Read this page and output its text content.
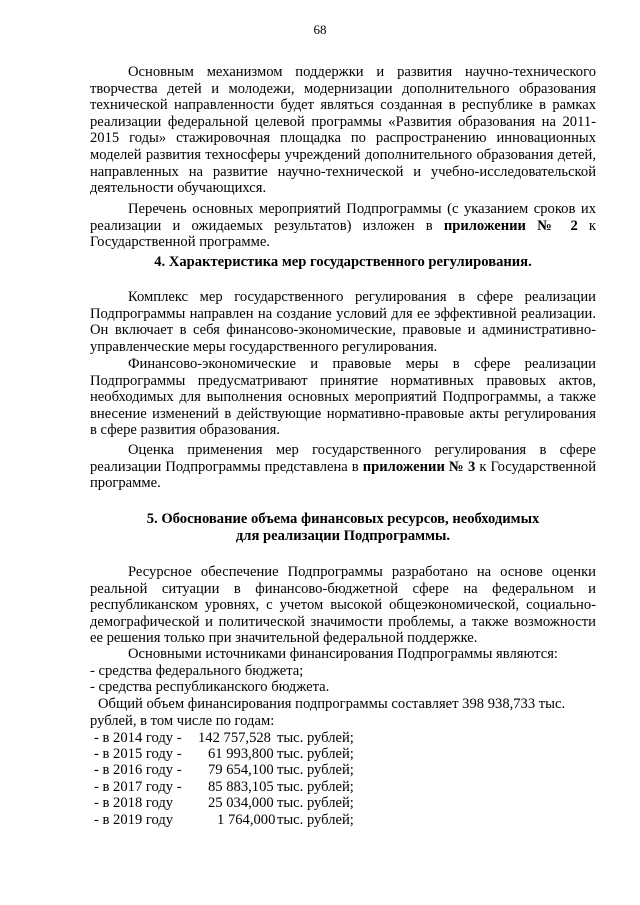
68

Основным механизмом поддержки и развития научно-технического творчества детей и молодежи, модернизации дополнительного образования технической направленности будет являться созданная в республике в рамках реализации федеральной целевой программы «Развития образования на 2011-2015 годы» стажировочная площадка по распространению инновационных моделей развития техносферы учреждений дополнительного образования детей, направленных на развитие научно-технической и учебно-исследовательской деятельности обучающихся.

Перечень основных мероприятий Подпрограммы (с указанием сроков их реализации и ожидаемых результатов) изложен в приложении № 2 к Государственной программе.

4. Характеристика мер государственного регулирования.

Комплекс мер государственного регулирования в сфере реализации Подпрограммы направлен на создание условий для ее эффективной реализации. Он включает в себя финансово-экономические, правовые и административно-управленческие меры государственного регулирования.

Финансово-экономические и правовые меры в сфере реализации Подпрограммы предусматривают принятие нормативных правовых актов, необходимых для выполнения основных мероприятий Подпрограммы, а также внесение изменений в действующие нормативно-правовые акты регулирования в сфере развития образования.

Оценка применения мер государственного регулирования в сфере реализации Подпрограммы представлена в приложении № 3 к Государственной программе.

5. Обоснование объема финансовых ресурсов, необходимых

для реализации Подпрограммы.

Ресурсное обеспечение Подпрограммы разработано на основе оценки реальной ситуации в финансово-бюджетной сфере на федеральном и республиканском уровнях, с учетом высокой общеэкономической, социально-демографической и политической значимости проблемы, а также возможности ее решения только при значительной федеральной поддержке.

Основными источниками финансирования Подпрограммы являются:

- средства федерального бюджета;

- средства республиканского бюджета.

Общий объем финансирования подпрограммы составляет 398 938,733 тыс.

рублей, в том числе по годам:

- в 2014 году - 142 757,528 тыс. рублей;
- в 2015 году - 61 993,800 тыс. рублей;
- в 2016 году - 79 654,100 тыс. рублей;
- в 2017 году - 85 883,105 тыс. рублей;
- в 2018 году 25 034,000 тыс. рублей;
- в 2019 году	1 764,000 тыс. рублей;
